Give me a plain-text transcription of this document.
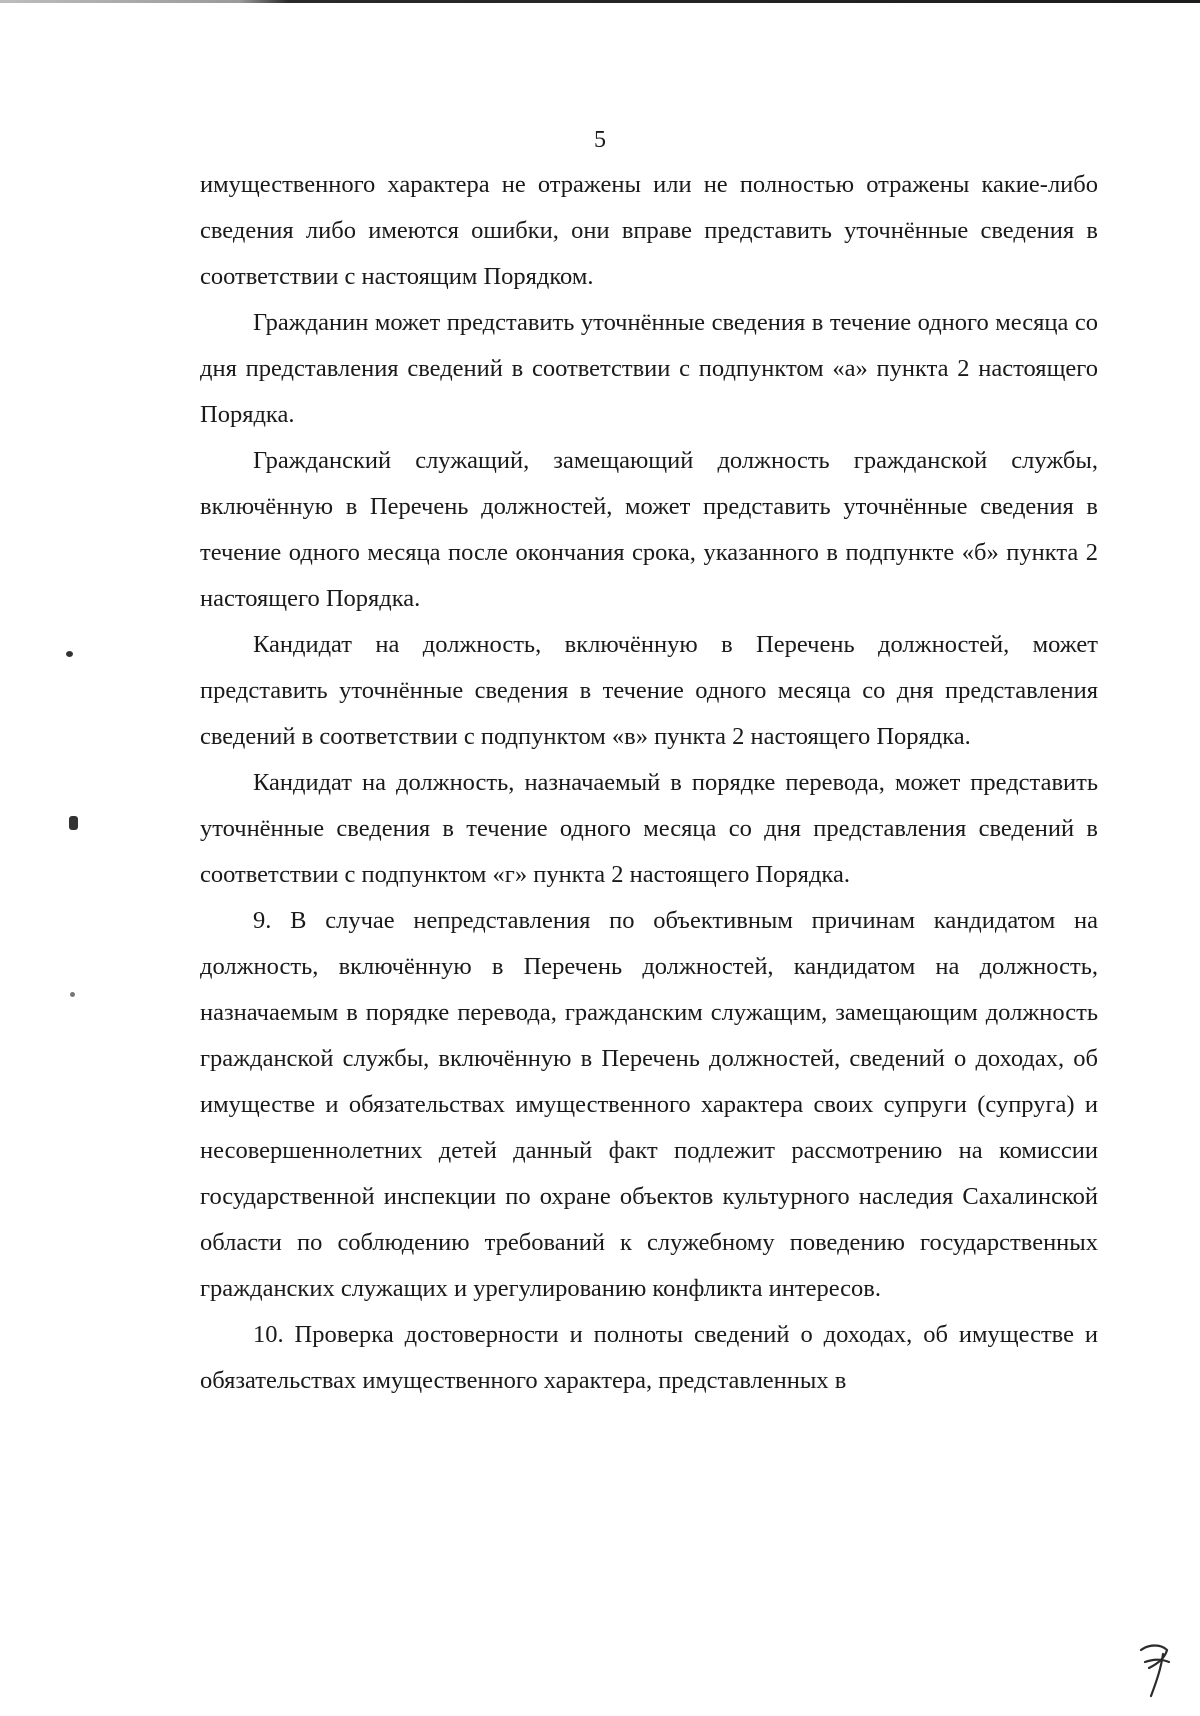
5

имущественного характера не отражены или не полностью отражены какие-либо сведения либо имеются ошибки, они вправе представить уточнённые сведения в соответствии с настоящим Порядком.

Гражданин может представить уточнённые сведения в течение одного месяца со дня представления сведений в соответствии с подпунктом «а» пункта 2 настоящего Порядка.

Гражданский служащий, замещающий должность гражданской службы, включённую в Перечень должностей, может представить уточнённые сведения в течение одного месяца после окончания срока, указанного в подпункте «б» пункта 2 настоящего Порядка.

Кандидат на должность, включённую в Перечень должностей, может представить уточнённые сведения в течение одного месяца со дня представления сведений в соответствии с подпунктом «в» пункта 2 настоящего Порядка.

Кандидат на должность, назначаемый в порядке перевода, может представить уточнённые сведения в течение одного месяца со дня представления сведений в соответствии с подпунктом «г» пункта 2 настоящего Порядка.

9. В случае непредставления по объективным причинам кандидатом на должность, включённую в Перечень должностей, кандидатом на должность, назначаемым в порядке перевода, гражданским служащим, замещающим должность гражданской службы, включённую в Перечень должностей, сведений о доходах, об имуществе и обязательствах имущественного характера своих супруги (супруга) и несовершеннолетних детей данный факт подлежит рассмотрению на комиссии государственной инспекции по охране объектов культурного наследия Сахалинской области по соблюдению требований к служебному поведению государственных гражданских служащих и урегулированию конфликта интересов.

10. Проверка достоверности и полноты сведений о доходах, об имуществе и обязательствах имущественного характера, представленных в
